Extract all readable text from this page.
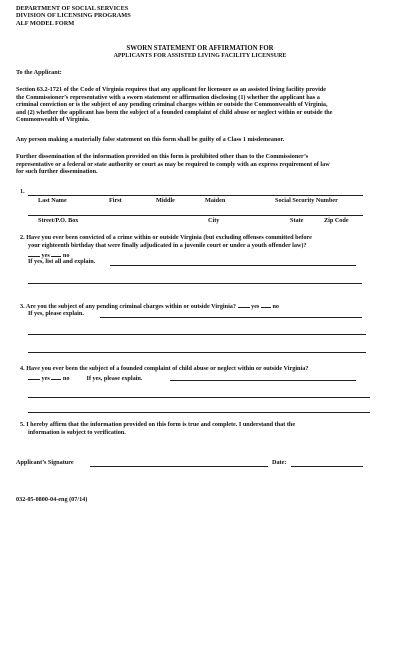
DEPARTMENT OF SOCIAL SERVICES
DIVISION OF LICENSING PROGRAMS
ALF MODEL FORM
SWORN STATEMENT OR AFFIRMATION FOR
APPLICANTS FOR ASSISTED LIVING FACILITY LICENSURE
To the Applicant:
Section 63.2-1721 of the Code of Virginia requires that any applicant for licensure as an assisted living facility provide
the Commissioner’s representative with a sworn statement or affirmation disclosing (1) whether the applicant has a
criminal conviction or is the subject of any pending criminal charges within or outside the Commonwealth of Virginia,
and (2) whether the applicant has been the subject of a founded complaint of child abuse or neglect within or outside the
Commonwealth of Virginia.
Any person making a materially false statement on this form shall be guilty of a Class 1 misdemeanor.
Further dissemination of the information provided on this form is prohibited other than to the Commissioner’s
representative or a federal or state authority or court as may be required to comply with an express requirement of law
for such further dissemination.
1.
Last Name	First	Middle	Maiden	Social Security Number
Street/P.O. Box	City	State	Zip Code
2. Have you ever been convicted of a crime within or outside Virginia (but excluding offenses committed before
your eighteenth birthday that were finally adjudicated in a juvenile court or under a youth offender law)?
yes no
If yes, list all and explain.
3. Are you the subject of any pending criminal charges within or outside Virginia? yes no
If yes, please explain.
4. Have you ever been the subject of a founded complaint of child abuse or neglect within or outside Virginia?
yes no	If yes, please explain.
5. I hereby affirm that the information provided on this form is true and complete. I understand that the
information is subject to verification.
Applicant’s Signature	Date:
032-05-0800-04-eng (07/14)
